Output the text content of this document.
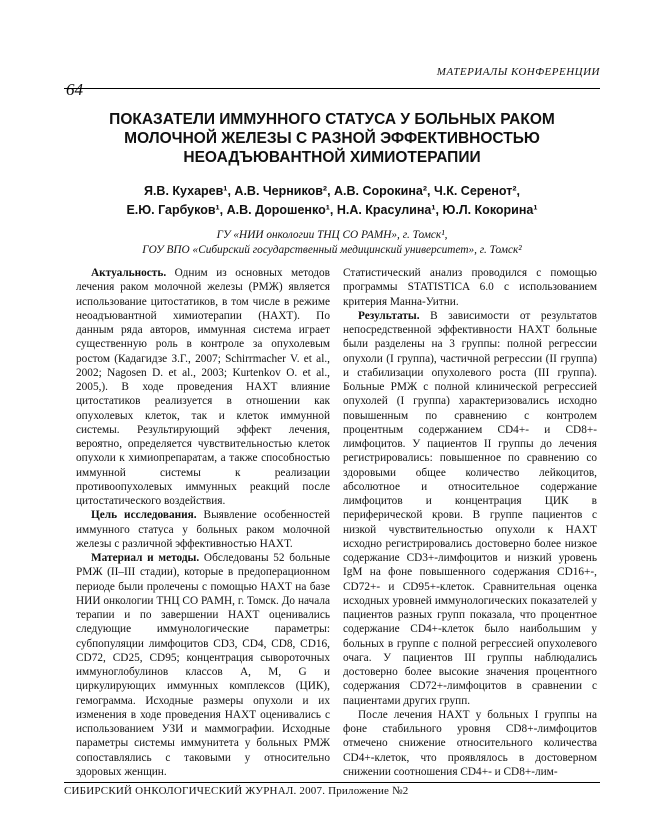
МАТЕРИАЛЫ КОНФЕРЕНЦИИ
64
ПОКАЗАТЕЛИ ИММУННОГО СТАТУСА У БОЛЬНЫХ РАКОМ
МОЛОЧНОЙ ЖЕЛЕЗЫ С РАЗНОЙ ЭФФЕКТИВНОСТЬЮ
НЕОАДЪЮВАНТНОЙ ХИМИОТЕРАПИИ
Я.В. Кухарев¹, А.В. Черников², А.В. Сорокина², Ч.К. Серенот²,
Е.Ю. Гарбуков¹, А.В. Дорошенко¹, Н.А. Красулина¹, Ю.Л. Кокорина¹
ГУ «НИИ онкологии ТНЦ СО РАМН», г. Томск¹,
ГОУ ВПО «Сибирский государственный медицинский университет», г. Томск²

Актуальность. Одним из основных методов лечения раком молочной железы (РМЖ) является использование цитостатиков, в том числе в режиме неоадъювантной химиотерапии (НАХТ). По данным ряда авторов, иммунная система играет существенную роль в контроле за опухолевым ростом (Кадагидзе З.Г., 2007; Schirrmacher V. et al., 2002; Nagosen D. et al., 2003; Kurtenkov O. et al., 2005,). В ходе проведения НАХТ влияние цитостатиков реализуется в отношении как опухолевых клеток, так и клеток иммунной системы. Результирующий эффект лечения, вероятно, определяется чувствительностью клеток опухоли к химиопрепаратам, а также способностью иммунной системы к реализации противоопухолевых иммунных реакций после цитостатического воздействия.

Цель исследования. Выявление особенностей иммунного статуса у больных раком молочной железы с различной эффективностью НАХТ.

Материал и методы. Обследованы 52 больные РМЖ (II–III стадии), которые в предоперационном периоде были пролечены с помощью НАХТ на базе НИИ онкологии ТНЦ СО РАМН, г. Томск. До начала терапии и по завершении НАХТ оценивались следующие иммунологические параметры: субпопуляции лимфоцитов CD3, CD4, CD8, CD16, CD72, CD25, CD95; концентрация сывороточных иммуноглобулинов классов A, M, G и циркулирующих иммунных комплексов (ЦИК), гемограмма. Исходные размеры опухоли и их изменения в ходе проведения НАХТ оценивались с использованием УЗИ и маммографии. Исходные параметры системы иммунитета у больных РМЖ сопоставлялись с таковыми у относительно здоровых женщин.

Статистический анализ проводился с помощью программы STATISTICA 6.0 с использованием критерия Манна-Уитни.

Результаты. В зависимости от результатов непосредственной эффективности НАХТ больные были разделены на 3 группы: полной регрессии опухоли (I группа), частичной регрессии (II группа) и стабилизации опухолевого роста (III группа). Больные РМЖ с полной клинической регрессией опухолей (I группа) характеризовались исходно повышенным по сравнению с контролем процентным содержанием CD4+- и CD8+-лимфоцитов. У пациентов II группы до лечения регистрировались: повышенное по сравнению со здоровыми общее количество лейкоцитов, абсолютное и относительное содержание лимфоцитов и концентрация ЦИК в периферической крови. В группе пациентов с низкой чувствительностью опухоли к НАХТ исходно регистрировались достоверно более низкое содержание CD3+-лимфоцитов и низкий уровень IgM на фоне повышенного содержания CD16+-, CD72+- и CD95+-клеток. Сравнительная оценка исходных уровней иммунологических показателей у пациентов разных групп показала, что процентное содержание CD4+-клеток было наибольшим у больных в группе с полной регрессией опухолевого очага. У пациентов III группы наблюдались достоверно более высокие значения процентного содержания CD72+-лимфоцитов в сравнении с пациентами других групп.

После лечения НАХТ у больных I группы на фоне стабильного уровня CD8+-лимфоцитов отмечено снижение относительного количества CD4+-клеток, что проявлялось в достоверном снижении соотношения CD4+- и CD8+-лим-

СИБИРСКИЙ ОНКОЛОГИЧЕСКИЙ ЖУРНАЛ. 2007. Приложение №2
